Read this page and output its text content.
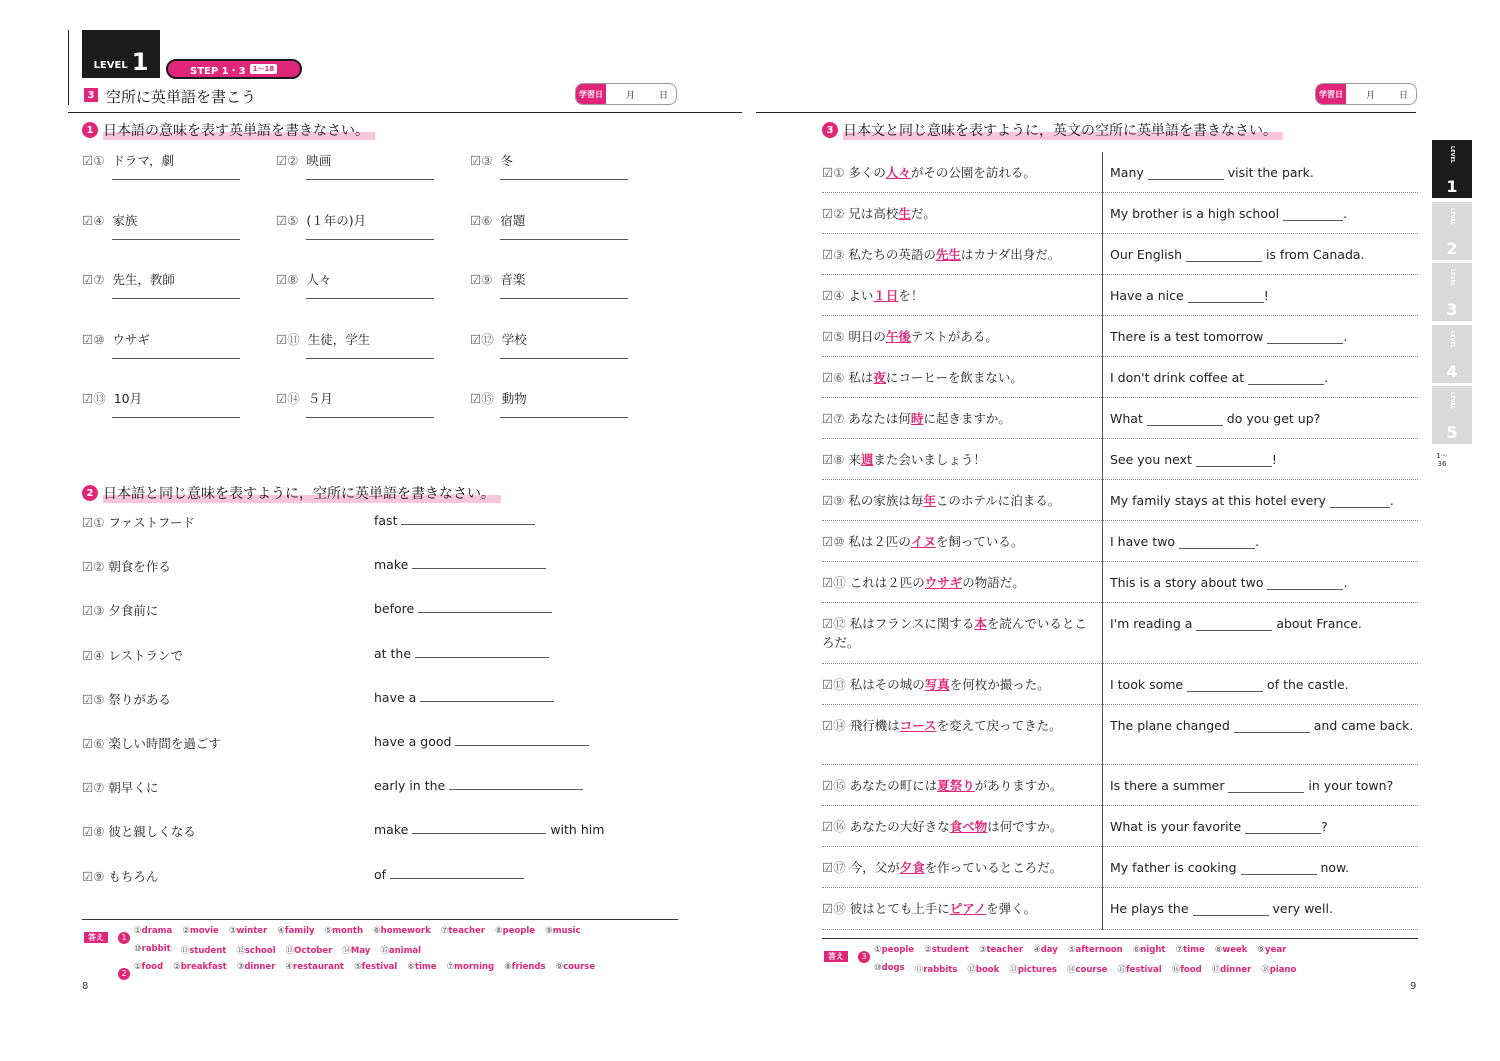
LEVEL 1	STEP 1・3	1〜18
3 空所に英単語を書こう	学習日	月	日
1 日本語の意味を表す英単語を書きなさい。
☑① ドラマ，劇	☑② 映画	☑③ 冬
☑④ 家族	☑⑤ (１年の)月	☑⑥ 宿題
☑⑦ 先生，教師	☑⑧ 人々	☑⑨ 音楽
☑⑩ ウサギ	☑⑪ 生徒，学生	☑⑫ 学校
☑⑬ 10月	☑⑭ ５月	☑⑮ 動物
2 日本語と同じ意味を表すように，空所に英単語を書きなさい。
☑① ファストフード	fast
☑② 朝食を作る	make
☑③ 夕食前に	before
☑④ レストランで	at the
☑⑤ 祭りがある	have a
☑⑥ 楽しい時間を過ごす	have a good
☑⑦ 朝早くに	early in the
☑⑧ 彼と親しくなる	make	with him
☑⑨ もちろん	of
答え	1
①drama ②movie ③winter ④family ⑤month ⑥homework ⑦teacher ⑧people ⑨music
⑩rabbit ⑪student ⑫school ⑬October ⑭May ⑮animal
2
①food ②breakfast ③dinner ④restaurant ⑤festival ⑥time ⑦morning ⑧friends ⑨course
8
学習日	月	日
3 日本文と同じ意味を表すように，英文の空所に英単語を書きなさい。
☑① 多くの人々がその公園を訪れる。	Many	visit the park.
☑② 兄は高校生だ。	My brother is a high school	.
☑③ 私たちの英語の先生はカナダ出身だ。	Our English	is from Canada.
☑④ よい１日を！	Have a nice	!
☑⑤ 明日の午後テストがある。	There is a test tomorrow	.
☑⑥ 私は夜にコーヒーを飲まない。	I don't drink coffee at	.
☑⑦ あなたは何時に起きますか。	What	do you get up?
☑⑧ 来週また会いましょう！	See you next	!
☑⑨ 私の家族は毎年このホテルに泊まる。	My family stays at this hotel every	.
☑⑩ 私は２匹のイヌを飼っている。	I have two	.
☑⑪ これは２匹のウサギの物語だ。	This is a story about two	.
☑⑫ 私はフランスに関する本を読んでいるところだ。
I'm reading a	about France.
☑⑬ 私はその城の写真を何枚か撮った。	I took some	of the castle.
☑⑭ 飛行機はコースを変えて戻ってきた。	The plane changed	and came back.
☑⑮ あなたの町には夏祭りがありますか。	Is there a summer	in your town?
☑⑯ あなたの大好きな食べ物は何ですか。	What is your favorite	?
☑⑰ 今，父が夕食を作っているところだ。	My father is cooking	now.
☑⑱ 彼はとても上手にピアノを弾く。	He plays the	very well.
答え	3
①people ②student ③teacher ④day ⑤afternoon ⑥night ⑦time ⑧week ⑨year
⑩dogs ⑪rabbits ⑫book ⑬pictures ⑭course ⑮festival ⑯food ⑰dinner ⑱piano
9
LEVEL
1
LEVEL
2
LEVEL
3
LEVEL
4
LEVEL
5
1〜36
